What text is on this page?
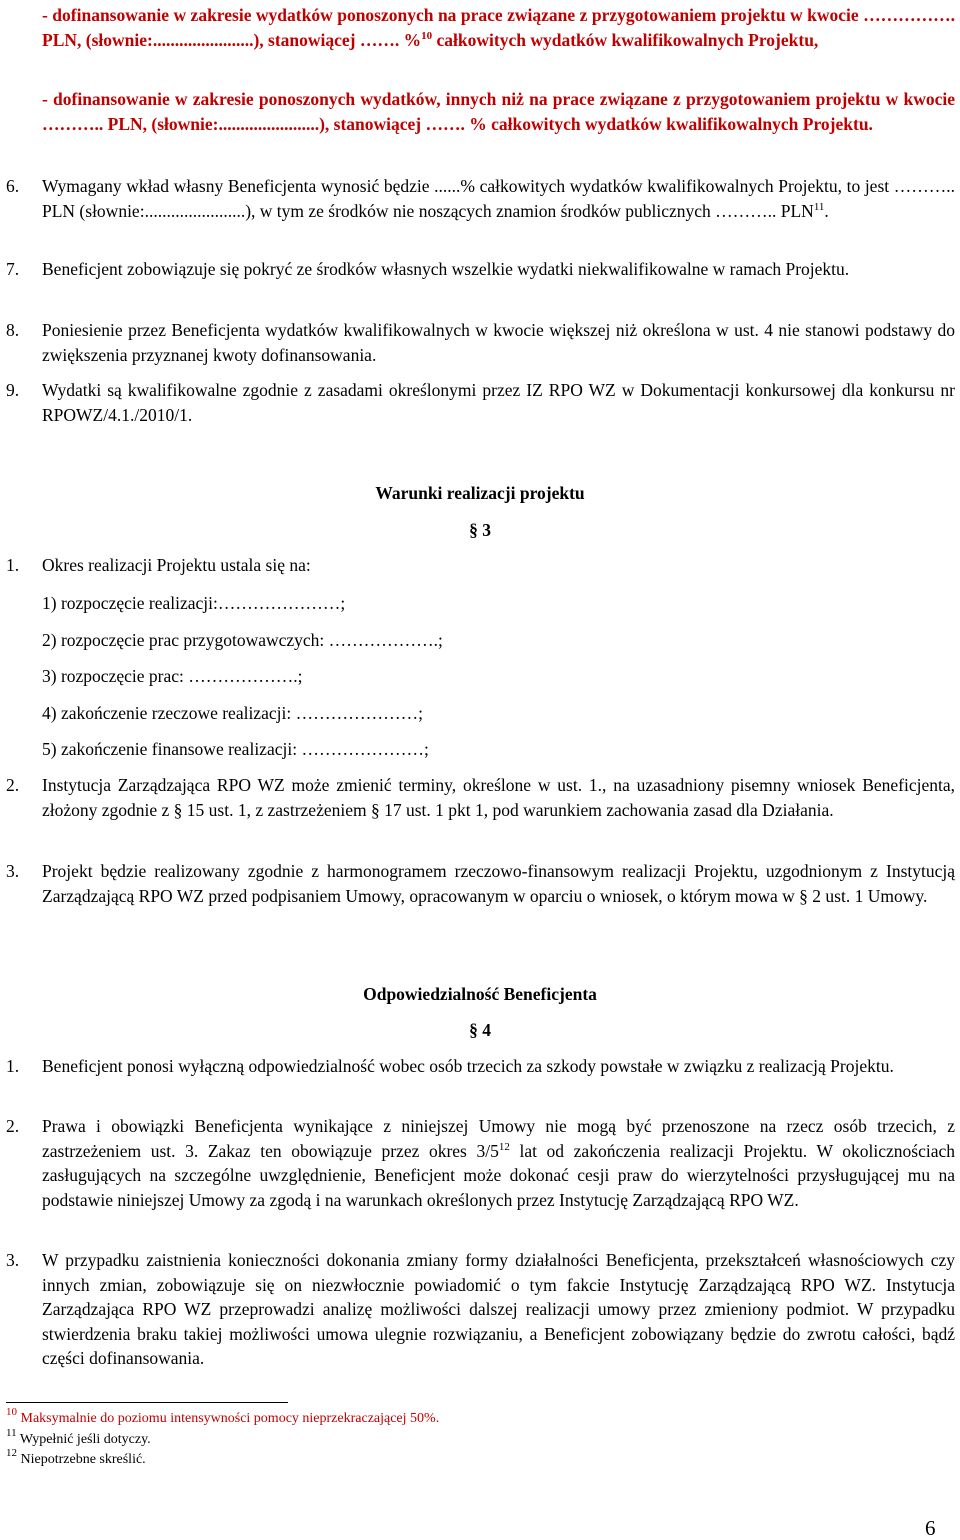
- dofinansowanie w zakresie wydatków ponoszonych na prace związane z przygotowaniem projektu w kwocie ……………. PLN, (słownie:.......................), stanowiącej ……. %$^{10}$ całkowitych wydatków kwalifikowalnych Projektu,
- dofinansowanie w zakresie ponoszonych wydatków, innych niż na prace związane z przygotowaniem projektu w kwocie ……….. PLN, (słownie:.......................), stanowiącej ……. % całkowitych wydatków kwalifikowalnych Projektu.
6. Wymagany wkład własny Beneficjenta wynosić będzie ......% całkowitych wydatków kwalifikowalnych Projektu, to jest ……….. PLN (słownie:.......................), w tym ze środków nie noszących znamion środków publicznych ……….. PLN$^{11}$.
7. Beneficjent zobowiązuje się pokryć ze środków własnych wszelkie wydatki niekwalifikowalne w ramach Projektu.
8. Poniesienie przez Beneficjenta wydatków kwalifikowalnych w kwocie większej niż określona w ust. 4 nie stanowi podstawy do zwiększenia przyznanej kwoty dofinansowania.
9. Wydatki są kwalifikowalne zgodnie z zasadami określonymi przez IZ RPO WZ w Dokumentacji konkursowej dla konkursu nr RPOWZ/4.1./2010/1.
Warunki realizacji projektu
§ 3
1. Okres realizacji Projektu ustala się na:
1) rozpoczęcie realizacji:…………………;
2) rozpoczęcie prac przygotowawczych: ……………….;
3) rozpoczęcie prac: ……………….;
4) zakończenie rzeczowe realizacji: …………………;
5) zakończenie finansowe realizacji: …………………;
2. Instytucja Zarządzająca RPO WZ może zmienić terminy, określone w ust. 1., na uzasadniony pisemny wniosek Beneficjenta, złożony zgodnie z § 15 ust. 1, z zastrzeżeniem § 17 ust. 1 pkt 1, pod warunkiem zachowania zasad dla Działania.
3. Projekt będzie realizowany zgodnie z harmonogramem rzeczowo-finansowym realizacji Projektu, uzgodnionym z Instytucją Zarządzającą RPO WZ przed podpisaniem Umowy, opracowanym w oparciu o wniosek, o którym mowa w § 2 ust. 1 Umowy.
Odpowiedzialność Beneficjenta
§ 4
1. Beneficjent ponosi wyłączną odpowiedzialność wobec osób trzecich za szkody powstałe w związku z realizacją Projektu.
2. Prawa i obowiązki Beneficjenta wynikające z niniejszej Umowy nie mogą być przenoszone na rzecz osób trzecich, z zastrzeżeniem ust. 3. Zakaz ten obowiązuje przez okres $3/5^{12}$ lat od zakończenia realizacji Projektu. W okolicznościach zasługujących na szczególne uwzględnienie, Beneficjent może dokonać cesji praw do wierzytelności przysługującej mu na podstawie niniejszej Umowy za zgodą i na warunkach określonych przez Instytucję Zarządzającą RPO WZ.
3. W przypadku zaistnienia konieczności dokonania zmiany formy działalności Beneficjenta, przekształceń własnościowych czy innych zmian, zobowiązuje się on niezwłocznie powiadomić o tym fakcie Instytucję Zarządzającą RPO WZ. Instytucja Zarządzająca RPO WZ przeprowadzi analizę możliwości dalszej realizacji umowy przez zmieniony podmiot. W przypadku stwierdzenia braku takiej możliwości umowa ulegnie rozwiązaniu, a Beneficjent zobowiązany będzie do zwrotu całości, bądź części dofinansowania.
$^{10}$ Maksymalnie do poziomu intensywności pomocy nieprzekraczającej 50%.
$^{11}$ Wypełnić jeśli dotyczy.
$^{12}$ Niepotrzebne skreślić.
6
